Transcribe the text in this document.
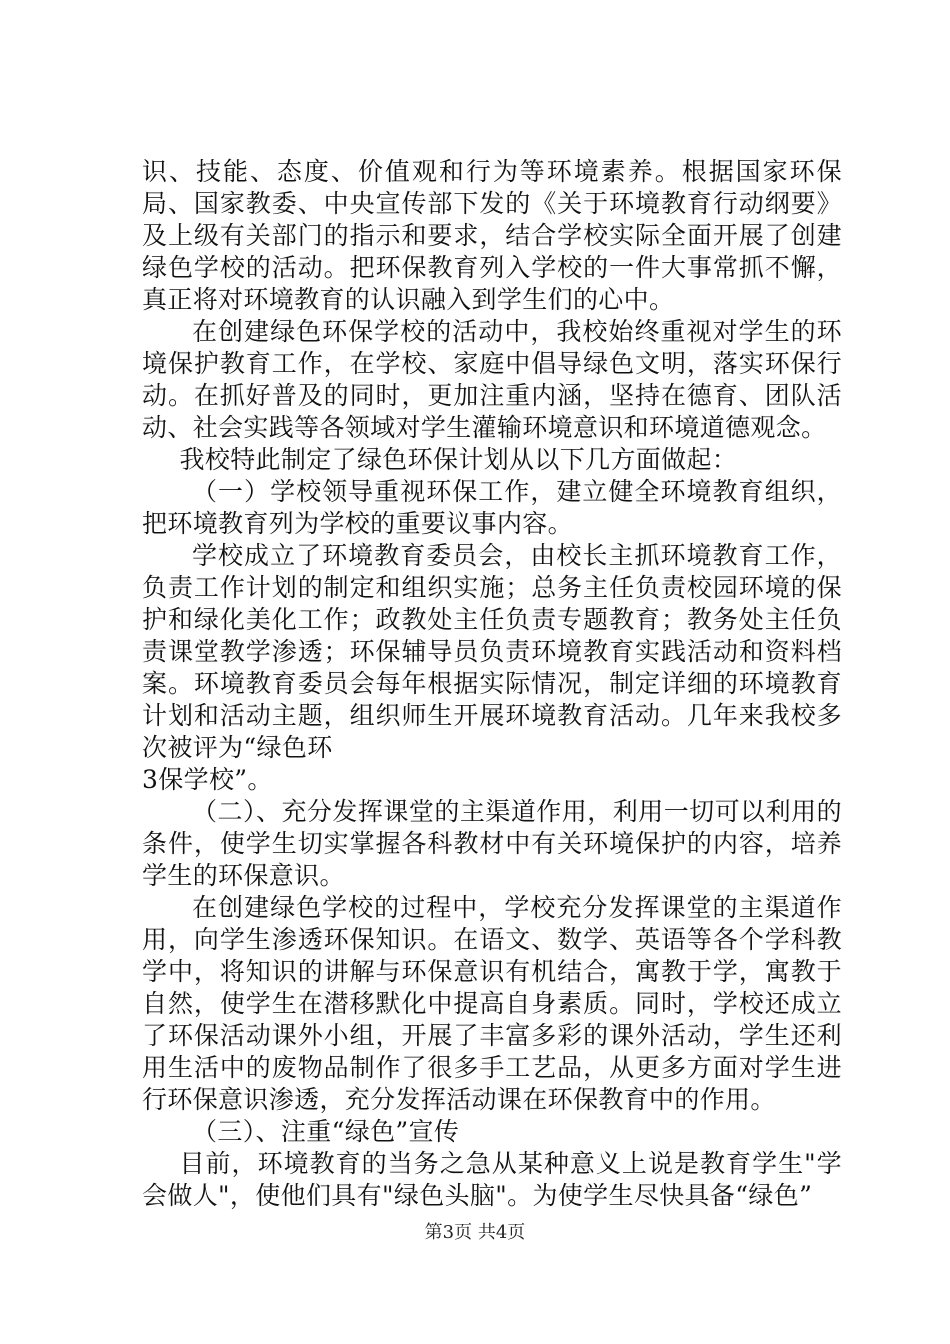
识、技能、态度、价值观和行为等环境素养。根据国家环保局、国家教委、中央宣传部下发的《关于环境教育行动纲要》及上级有关部门的指示和要求，结合学校实际全面开展了创建绿色学校的活动。把环保教育列入学校的一件大事常抓不懈，真正将对环境教育的认识融入到学生们的心中。

在创建绿色环保学校的活动中，我校始终重视对学生的环境保护教育工作，在学校、家庭中倡导绿色文明，落实环保行动。在抓好普及的同时，更加注重内涵，坚持在德育、团队活动、社会实践等各领域对学生灌输环境意识和环境道德观念。

我校特此制定了绿色环保计划从以下几方面做起：

（一）学校领导重视环保工作，建立健全环境教育组织，把环境教育列为学校的重要议事内容。

学校成立了环境教育委员会，由校长主抓环境教育工作，负责工作计划的制定和组织实施；总务主任负责校园环境的保护和绿化美化工作；政教处主任负责专题教育；教务处主任负责课堂教学渗透；环保辅导员负责环境教育实践活动和资料档案。环境教育委员会每年根据实际情况，制定详细的环境教育计划和活动主题，组织师生开展环境教育活动。几年来我校多次被评为“绿色环

3保学校”。

（二）、充分发挥课堂的主渠道作用，利用一切可以利用的条件，使学生切实掌握各科教材中有关环境保护的内容，培养学生的环保意识。

在创建绿色学校的过程中，学校充分发挥课堂的主渠道作用，向学生渗透环保知识。在语文、数学、英语等各个学科教学中，将知识的讲解与环保意识有机结合，寓教于学，寓教于自然，使学生在潜移默化中提高自身素质。同时，学校还成立了环保活动课外小组，开展了丰富多彩的课外活动，学生还利用生活中的废物品制作了很多手工艺品，从更多方面对学生进行环保意识渗透，充分发挥活动课在环保教育中的作用。

（三）、注重“绿色”宣传

目前，环境教育的当务之急从某种意义上说是教育学生"学会做人"，使他们具有"绿色头脑"。为使学生尽快具备“绿色”

第3页 共4页
